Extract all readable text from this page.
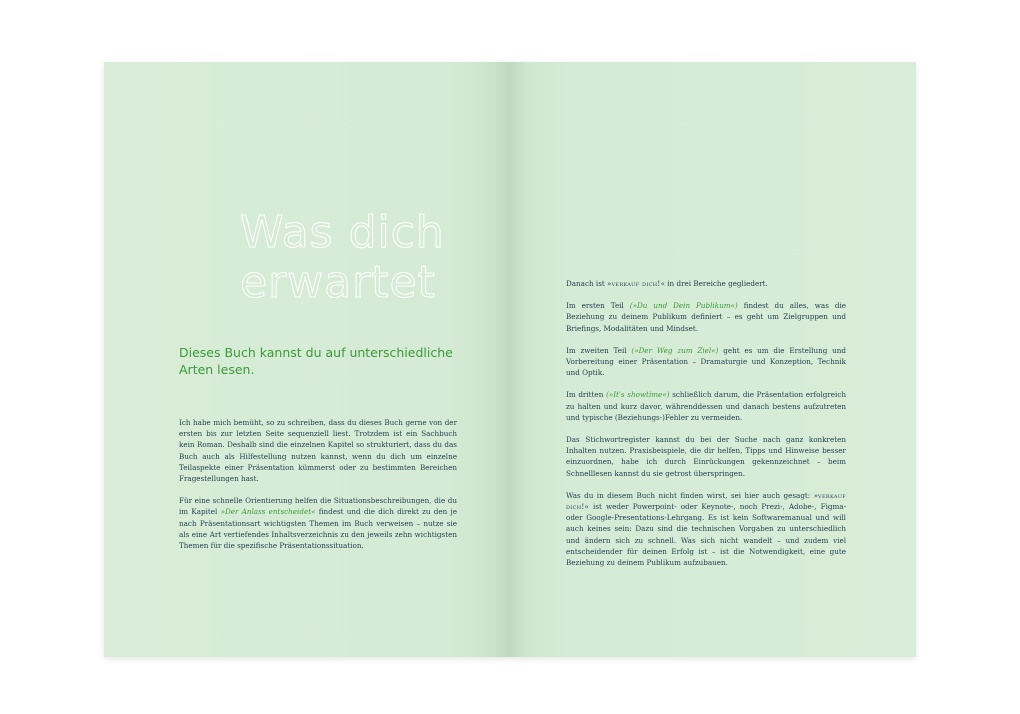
Was dich
erwartet
Dieses Buch kannst du auf unterschiedliche Arten lesen.

Ich habe mich bemüht, so zu schreiben, dass du dieses Buch gerne von der ersten bis zur letzten Seite sequenziell liest. Trotzdem ist ein Sachbuch kein Roman. Deshalb sind die einzelnen Kapitel so strukturiert, dass du das Buch auch als Hilfestellung nutzen kannst, wenn du dich um einzelne Teilaspekte einer Präsentation kümmerst oder zu bestimmten Bereichen Fragestellungen hast.

Für eine schnelle Orientierung helfen die Situationsbeschreibungen, die du im Kapitel »Der Anlass entscheidet« findest und die dich direkt zu den je nach Präsentationsart wichtigsten Themen im Buch verweisen – nutze sie als eine Art vertiefendes Inhaltsverzeichnis zu den jeweils zehn wichtigsten Themen für die spezifische Präsentationssituation.

Danach ist »verkauf dich!« in drei Bereiche gegliedert.

Im ersten Teil (»Du und Dein Publikum«) findest du alles, was die Beziehung zu deinem Publikum definiert – es geht um Zielgruppen und Briefings, Modalitäten und Mindset.

Im zweiten Teil (»Der Weg zum Ziel«) geht es um die Erstellung und Vorbereitung einer Präsentation – Dramaturgie und Konzeption, Technik und Optik.

Im dritten (»It's showtime«) schließlich darum, die Präsentation erfolgreich zu halten und kurz davor, währenddessen und danach bestens aufzutreten und typische (Beziehungs-)Fehler zu vermeiden.

Das Stichwortregister kannst du bei der Suche nach ganz konkreten Inhalten nutzen. Praxisbeispiele, die dir helfen, Tipps und Hinweise besser einzuordnen, habe ich durch Einrückungen gekennzeichnet – beim Schnelllesen kannst du sie getrost überspringen.

Was du in diesem Buch nicht finden wirst, sei hier auch gesagt: »verkauf dich!« ist weder Powerpoint- oder Keynote-, noch Prezi-, Adobe-, Figma- oder Google-Presentations-Lehrgang. Es ist kein Softwaremanual und will auch keines sein: Dazu sind die technischen Vorgaben zu unterschiedlich und ändern sich zu schnell. Was sich nicht wandelt – und zudem viel entscheidender für deinen Erfolg ist – ist die Notwendigkeit, eine gute Beziehung zu deinem Publikum aufzubauen.
